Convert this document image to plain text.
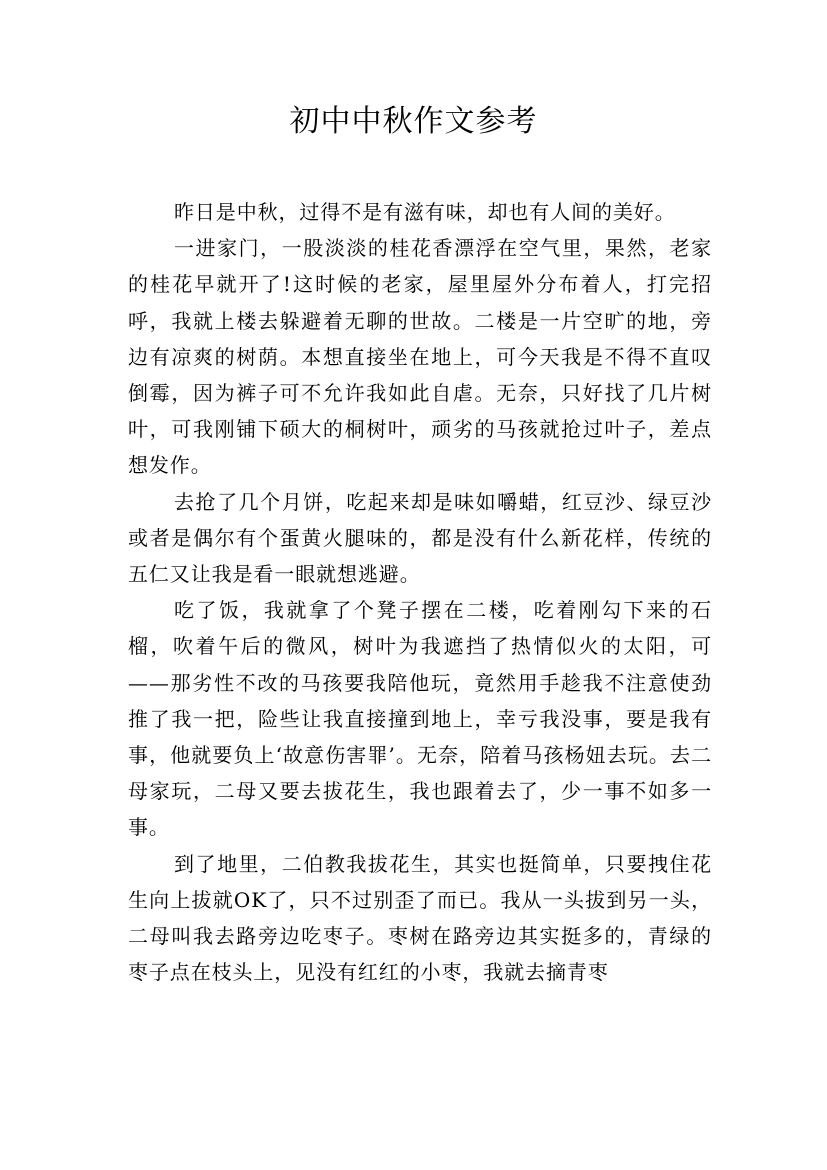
初中中秋作文参考

昨日是中秋，过得不是有滋有味，却也有人间的美好。

一进家门，一股淡淡的桂花香漂浮在空气里，果然，老家的桂花早就开了!这时候的老家，屋里屋外分布着人，打完招呼，我就上楼去躲避着无聊的世故。二楼是一片空旷的地，旁边有凉爽的树荫。本想直接坐在地上，可今天我是不得不直叹倒霉，因为裤子可不允许我如此自虐。无奈，只好找了几片树叶，可我刚铺下硕大的桐树叶，顽劣的马孩就抢过叶子，差点想发作。

去抢了几个月饼，吃起来却是味如嚼蜡，红豆沙、绿豆沙或者是偶尔有个蛋黄火腿味的，都是没有什么新花样，传统的五仁又让我是看一眼就想逃避。

吃了饭，我就拿了个凳子摆在二楼，吃着刚勾下来的石榴，吹着午后的微风，树叶为我遮挡了热情似火的太阳，可——那劣性不改的马孩要我陪他玩，竟然用手趁我不注意使劲推了我一把，险些让我直接撞到地上，幸亏我没事，要是我有事，他就要负上‘故意伤害罪’。无奈，陪着马孩杨妞去玩。去二母家玩，二母又要去拔花生，我也跟着去了，少一事不如多一事。

到了地里，二伯教我拔花生，其实也挺简单，只要拽住花生向上拔就OK了，只不过别歪了而已。我从一头拔到另一头，二母叫我去路旁边吃枣子。枣树在路旁边其实挺多的，青绿的枣子点在枝头上，见没有红红的小枣，我就去摘青枣
